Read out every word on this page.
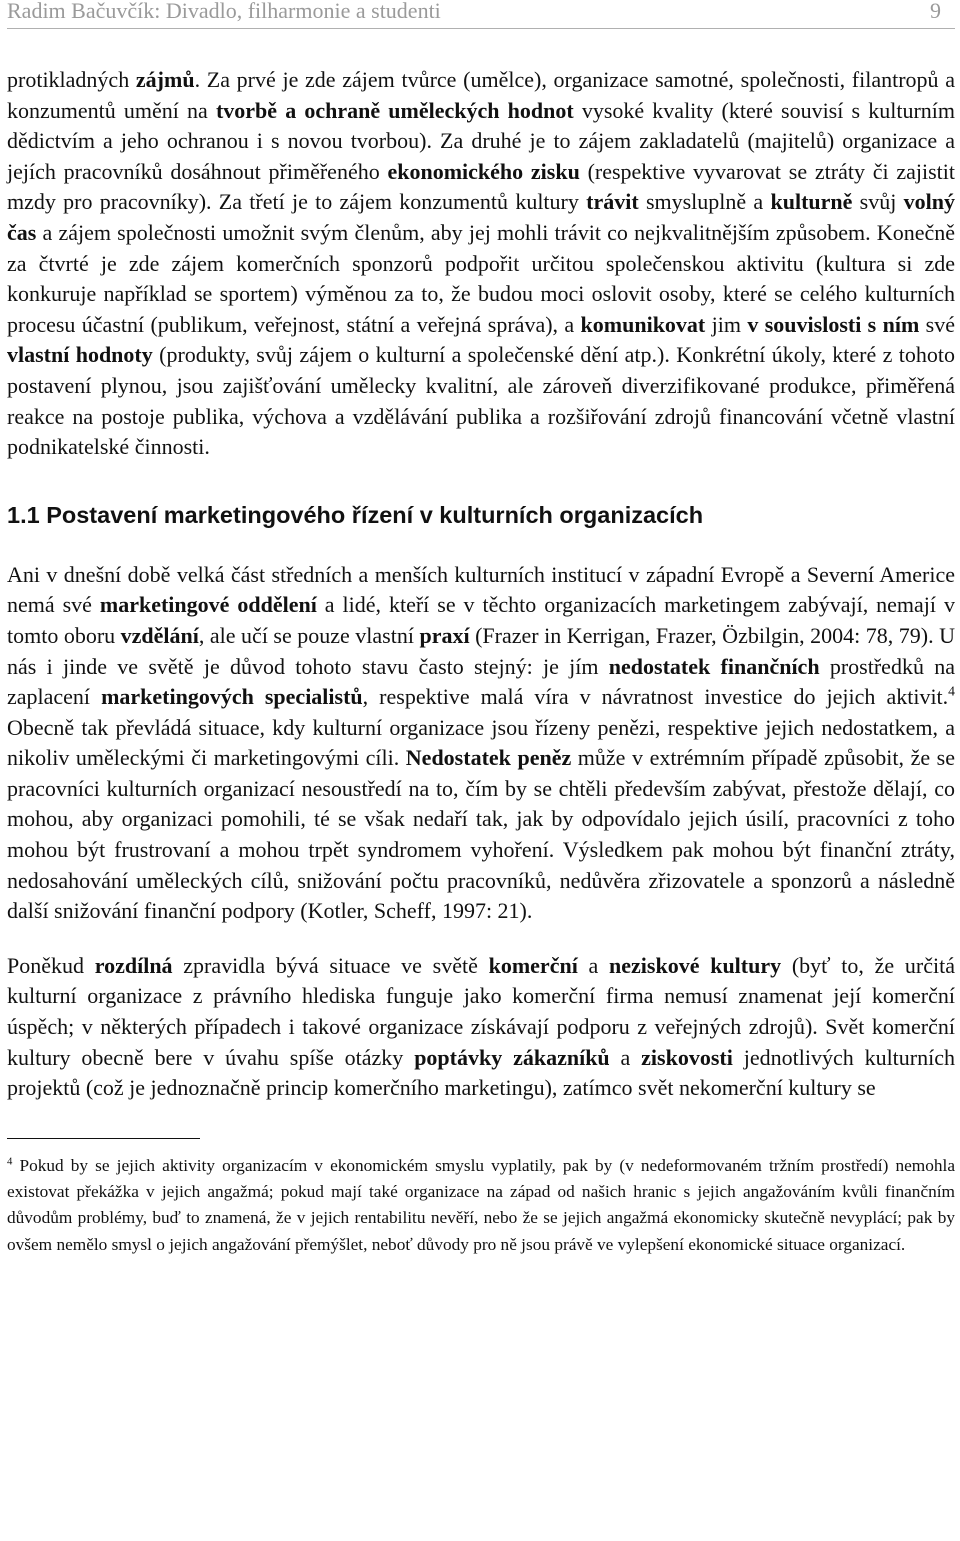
Radim Bačuvčík: Divadlo, filharmonie a studenti	9

protikladných zájmů. Za prvé je zde zájem tvůrce (umělce), organizace samotné, společnosti, filantropů a konzumentů umění na tvorbě a ochraně uměleckých hodnot vysoké kvality (které souvisí s kulturním dědictvím a jeho ochranou i s novou tvorbou). Za druhé je to zájem zakladatelů (majitelů) organizace a jejích pracovníků dosáhnout přiměřeného ekonomického zisku (respektive vyvarovat se ztráty či zajistit mzdy pro pracovníky). Za třetí je to zájem konzumentů kultury trávit smysluplně a kulturně svůj volný čas a zájem společnosti umožnit svým členům, aby jej mohli trávit co nejkvalitnějším způsobem. Konečně za čtvrté je zde zájem komerčních sponzorů podpořit určitou společenskou aktivitu (kultura si zde konkuruje například se sportem) výměnou za to, že budou moci oslovit osoby, které se celého kulturních procesu účastní (publikum, veřejnost, státní a veřejná správa), a komunikovat jim v souvislosti s ním své vlastní hodnoty (produkty, svůj zájem o kulturní a společenské dění atp.). Konkrétní úkoly, které z tohoto postavení plynou, jsou zajišťování umělecky kvalitní, ale zároveň diverzifikované produkce, přiměřená reakce na postoje publika, výchova a vzdělávání publika a rozšiřování zdrojů financování včetně vlastní podnikatelské činnosti.

1.1 Postavení marketingového řízení v kulturních organizacích

Ani v dnešní době velká část středních a menších kulturních institucí v západní Evropě a Severní Americe nemá své marketingové oddělení a lidé, kteří se v těchto organizacích marketingem zabývají, nemají v tomto oboru vzdělání, ale učí se pouze vlastní praxí (Frazer in Kerrigan, Frazer, Özbilgin, 2004: 78, 79). U nás i jinde ve světě je důvod tohoto stavu často stejný: je jím nedostatek finančních prostředků na zaplacení marketingových specialistů, respektive malá víra v návratnost investice do jejich aktivit.$^4$ Obecně tak převládá situace, kdy kulturní organizace jsou řízeny penězi, respektive jejich nedostatkem, a nikoliv uměleckými či marketingovými cíli. Nedostatek peněz může v extrémním případě způsobit, že se pracovníci kulturních organizací nesoustředí na to, čím by se chtěli především zabývat, přestože dělají, co mohou, aby organizaci pomohili, té se však nedaří tak, jak by odpovídalo jejich úsilí, pracovníci z toho mohou být frustrovaní a mohou trpět syndromem vyhoření. Výsledkem pak mohou být finanční ztráty, nedosahování uměleckých cílů, snižování počtu pracovníků, nedůvěra zřizovatele a sponzorů a následně další snižování finanční podpory (Kotler, Scheff, 1997: 21).

Poněkud rozdílná zpravidla bývá situace ve světě komerční a neziskové kultury (byť to, že určitá kulturní organizace z právního hlediska funguje jako komerční firma nemusí znamenat její komerční úspěch; v některých případech i takové organizace získávají podporu z veřejných zdrojů). Svět komerční kultury obecně bere v úvahu spíše otázky poptávky zákazníků a ziskovosti jednotlivých kulturních projektů (což je jednoznačně princip komerčního marketingu), zatímco svět nekomerční kultury se

$^4$ Pokud by se jejich aktivity organizacím v ekonomickém smyslu vyplatily, pak by (v nedeformovaném tržním prostředí) nemohla existovat překážka v jejich angažmá; pokud mají také organizace na západ od našich hranic s jejich angažováním kvůli finančním důvodům problémy, buď to znamená, že v jejich rentabilitu nevěří, nebo že se jejich angažmá ekonomicky skutečně nevyplácí; pak by ovšem nemělo smysl o jejich angažování přemýšlet, neboť důvody pro ně jsou právě ve vylepšení ekonomické situace organizací.
